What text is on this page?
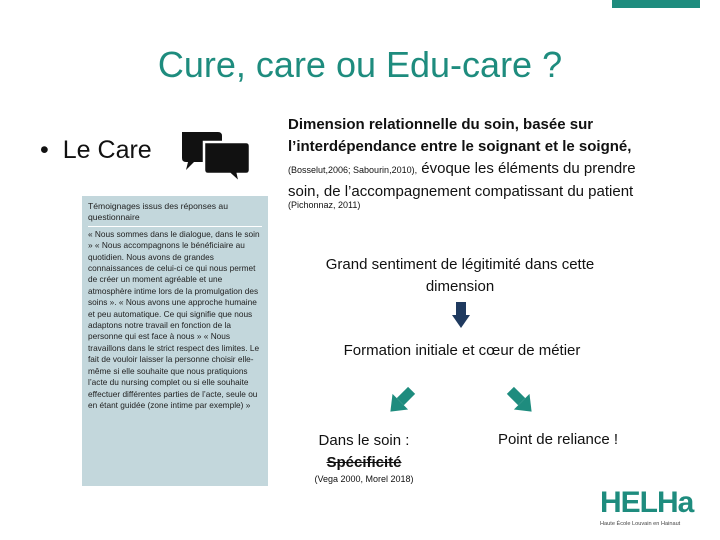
Cure, care ou Edu-care ?
• Le Care
Dimension relationnelle du soin, basée sur
l’interdépendance entre le soignant et le soigné,
(Bosselut,2006; Sabourin,2010), évoque les éléments du prendre
soin, de l’accompagnement compatissant du patient
(Pichonnaz, 2011)
Témoignages issus des réponses au questionnaire
« Nous sommes dans le dialogue, dans le soin » « Nous accompagnons le bénéficiaire au quotidien. Nous avons de grandes connaissances de celui-ci ce qui nous permet de créer un moment agréable et une atmosphère intime lors de la promulgation des soins ». « Nous avons une approche humaine et peu automatique. Ce qui signifie que nous adaptons notre travail en fonction de la personne qui est face à nous » « Nous travaillons dans le strict respect des limites. Le fait de vouloir laisser la personne choisir elle-même si elle souhaite que nous pratiquions l’acte du nursing complet ou si elle souhaite effectuer différentes parties de l’acte, seule ou en étant guidée (zone intime par exemple) »
Grand sentiment de légitimité dans cette dimension
Formation initiale et cœur de métier
Dans le soin :
Spécificité
(Vega 2000, Morel 2018)
Point de reliance !
HELHa
Haute École Louvain en Hainaut
